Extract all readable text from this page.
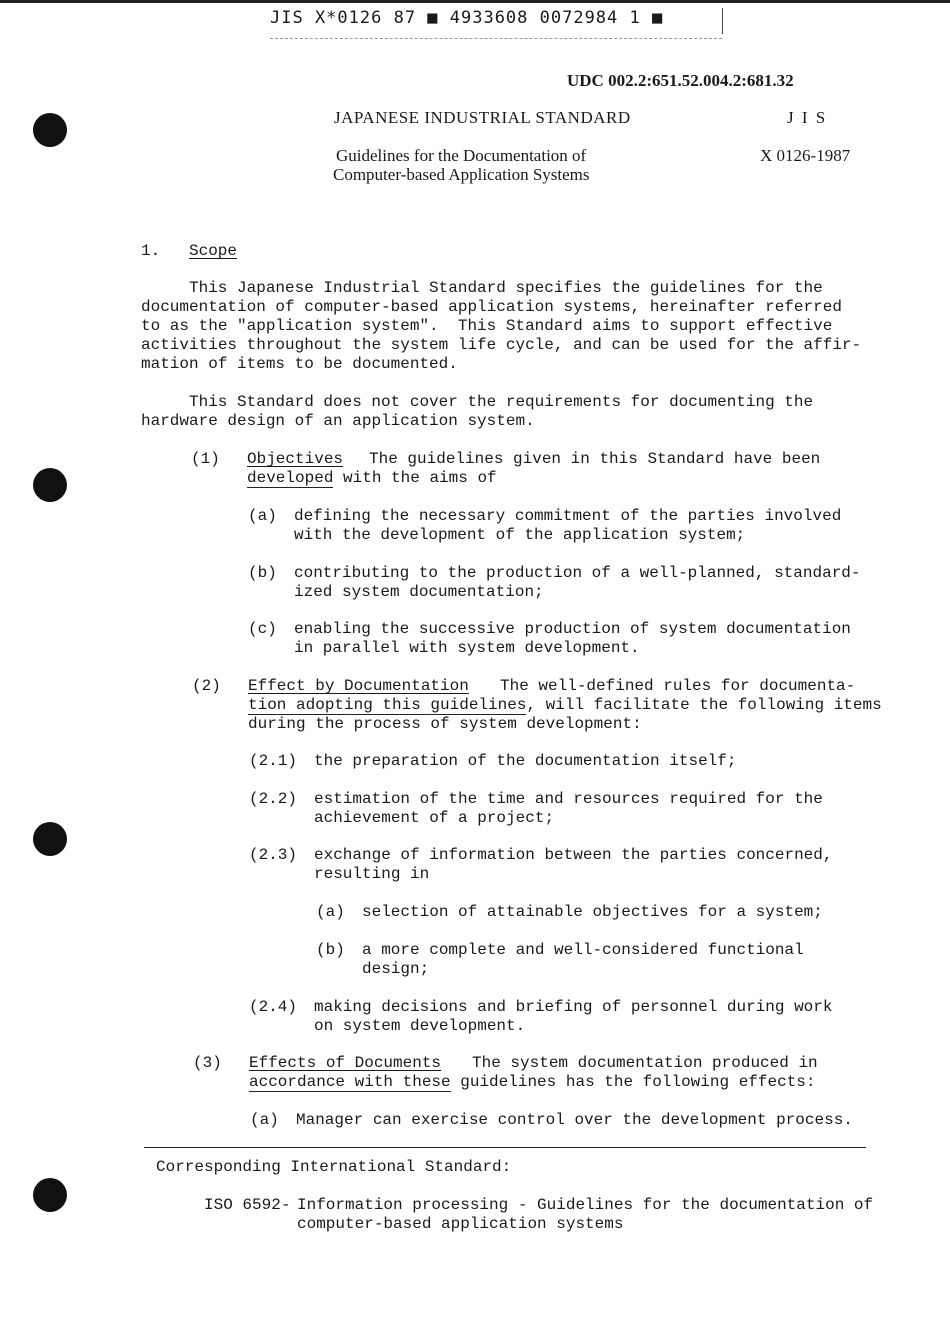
JIS X*0126 87 ■ 4933608 0072984 1 ■
UDC 002.2:651.52.004.2:681.32
JAPANESE INDUSTRIAL STANDARD	J I S
Guidelines for the Documentation of
Computer-based Application Systems
X 0126-1987
1. Scope
This Japanese Industrial Standard specifies the guidelines for the
documentation of computer-based application systems, hereinafter referred
to as the "application system".  This Standard aims to support effective
activities throughout the system life cycle, and can be used for the affir-
mation of items to be documented.
This Standard does not cover the requirements for documenting the
hardware design of an application system.
(1) Objectives The guidelines given in this Standard have been
developed with the aims of
(a) defining the necessary commitment of the parties involved
with the development of the application system;
(b) contributing to the production of a well-planned, standard-
ized system documentation;
(c) enabling the successive production of system documentation
in parallel with system development.
(2) Effect by Documentation The well-defined rules for documenta-
tion adopting this guidelines, will facilitate the following items
during the process of system development:
(2.1) the preparation of the documentation itself;
(2.2) estimation of the time and resources required for the
achievement of a project;
(2.3) exchange of information between the parties concerned,
resulting in
(a) selection of attainable objectives for a system;
(b) a more complete and well-considered functional
design;
(2.4) making decisions and briefing of personnel during work
on system development.
(3) Effects of Documents The system documentation produced in
accordance with these guidelines has the following effects:
(a) Manager can exercise control over the development process.
Corresponding International Standard:
ISO 6592- Information processing - Guidelines for the documentation of
computer-based application systems
